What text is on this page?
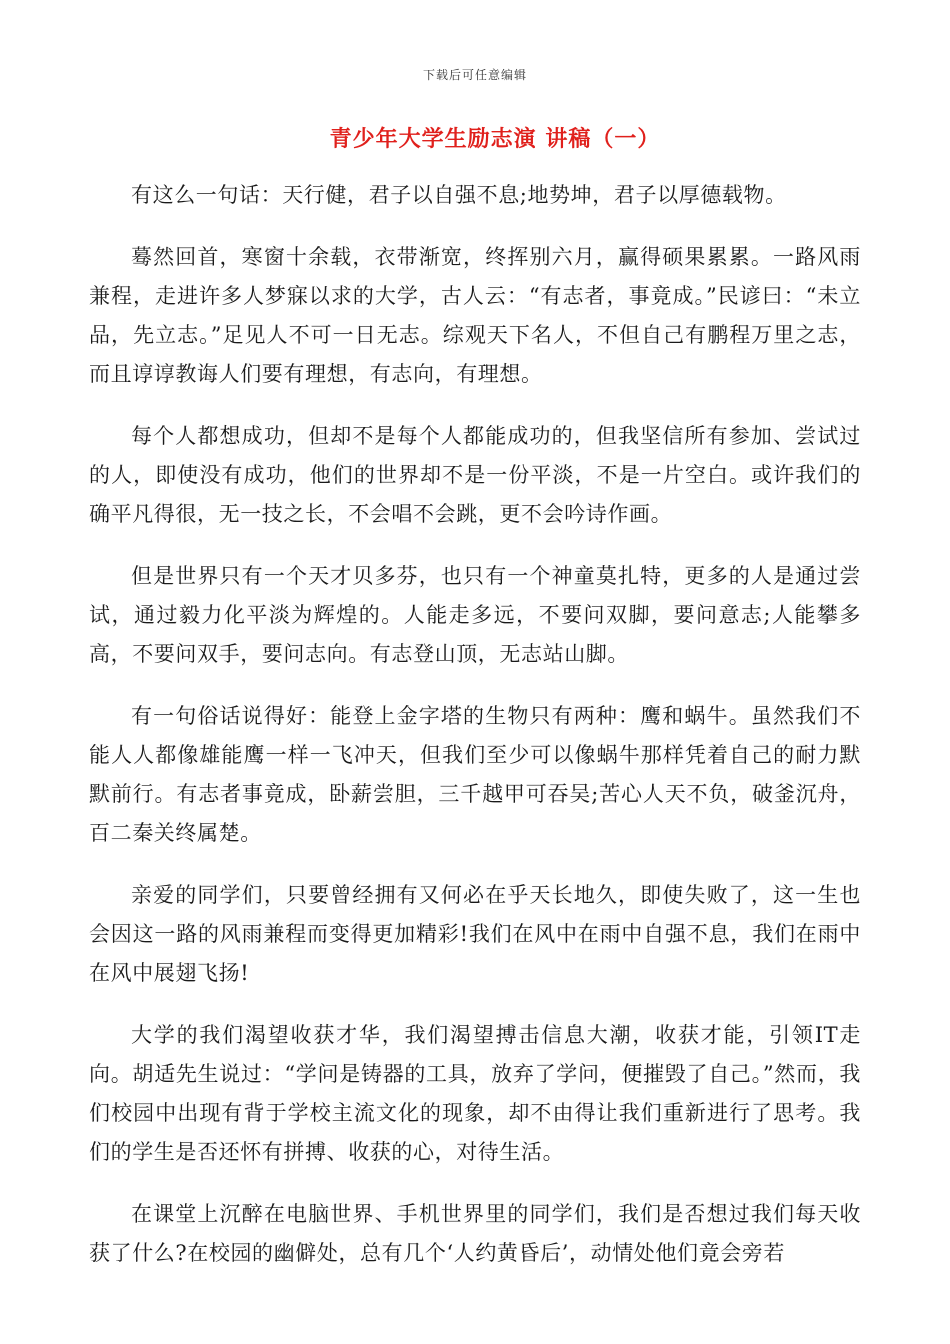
下载后可任意编辑
青少年大学生励志演 讲稿（一）

有这么一句话：天行健，君子以自强不息;地势坤，君子以厚德载物。

蓦然回首，寒窗十余载，衣带渐宽，终挥别六月，赢得硕果累累。一路风雨兼程，走进许多人梦寐以求的大学，古人云：“有志者，事竟成。”民谚曰：“未立品，先立志。”足见人不可一日无志。综观天下名人，不但自己有鹏程万里之志，而且谆谆教诲人们要有理想，有志向，有理想。

每个人都想成功，但却不是每个人都能成功的，但我坚信所有参加、尝试过的人，即使没有成功，他们的世界却不是一份平淡，不是一片空白。或许我们的确平凡得很，无一技之长，不会唱不会跳，更不会吟诗作画。

但是世界只有一个天才贝多芬，也只有一个神童莫扎特，更多的人是通过尝试，通过毅力化平淡为辉煌的。人能走多远，不要问双脚，要问意志;人能攀多高，不要问双手，要问志向。有志登山顶，无志站山脚。

有一句俗话说得好：能登上金字塔的生物只有两种：鹰和蜗牛。虽然我们不能人人都像雄能鹰一样一飞冲天，但我们至少可以像蜗牛那样凭着自己的耐力默默前行。有志者事竟成，卧薪尝胆，三千越甲可吞吴;苦心人天不负，破釜沉舟，百二秦关终属楚。

亲爱的同学们，只要曾经拥有又何必在乎天长地久，即使失败了，这一生也会因这一路的风雨兼程而变得更加精彩!我们在风中在雨中自强不息，我们在雨中在风中展翅飞扬!

大学的我们渴望收获才华，我们渴望搏击信息大潮，收获才能，引领IT走向。胡适先生说过：“学问是铸器的工具，放弃了学问，便摧毁了自己。”然而，我们校园中出现有背于学校主流文化的现象，却不由得让我们重新进行了思考。我们的学生是否还怀有拼搏、收获的心，对待生活。

在课堂上沉醉在电脑世界、手机世界里的同学们，我们是否想过我们每天收获了什么?在校园的幽僻处，总有几个‘人约黄昏后’，动情处他们竟会旁若
